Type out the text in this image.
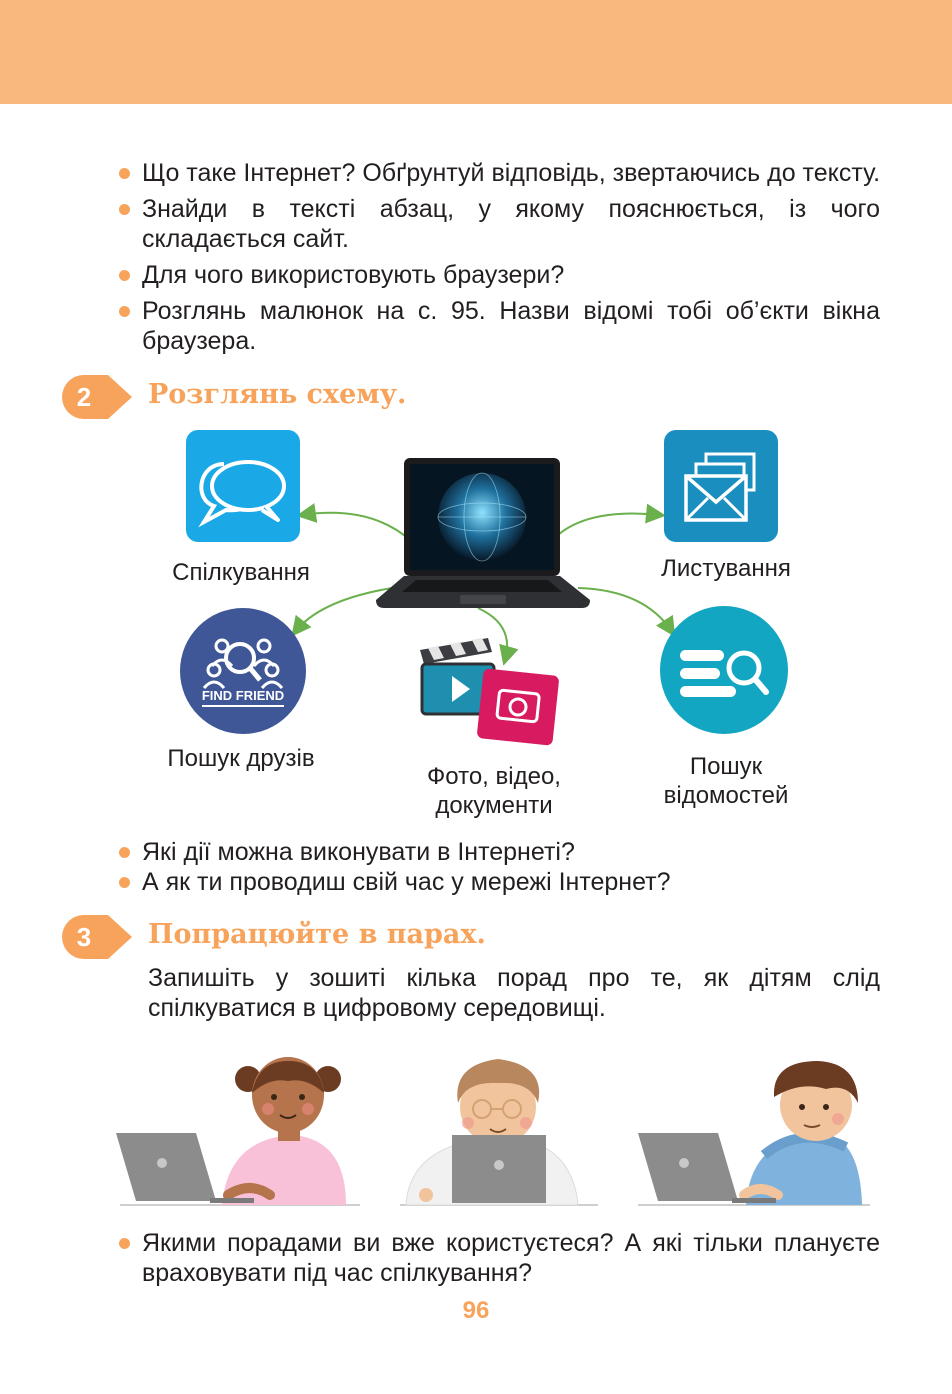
Що таке Інтернет? Обґрунтуй відповідь, звертаючись до тексту.
Знайди в тексті абзац, у якому пояснюється, із чого складається сайт.
Для чого використовують браузери?
Розглянь малюнок на с. 95. Назви відомі тобі об’єкти вікна браузера.
2	Розглянь схему.
Спілкування	Листування
FIND FRIEND
Пошук друзів
Фото, відео,
документи
Пошук
відомостей
Які дії можна виконувати в Інтернеті?
А як ти проводиш свій час у мережі Інтернет?
3	Попрацюйте в парах.

Запишіть у зошиті кілька порад про те, як дітям слід спілкуватися в цифровому середовищі.

Якими порадами ви вже користуєтеся? А які тільки плануєте враховувати під час спілкування?
96
